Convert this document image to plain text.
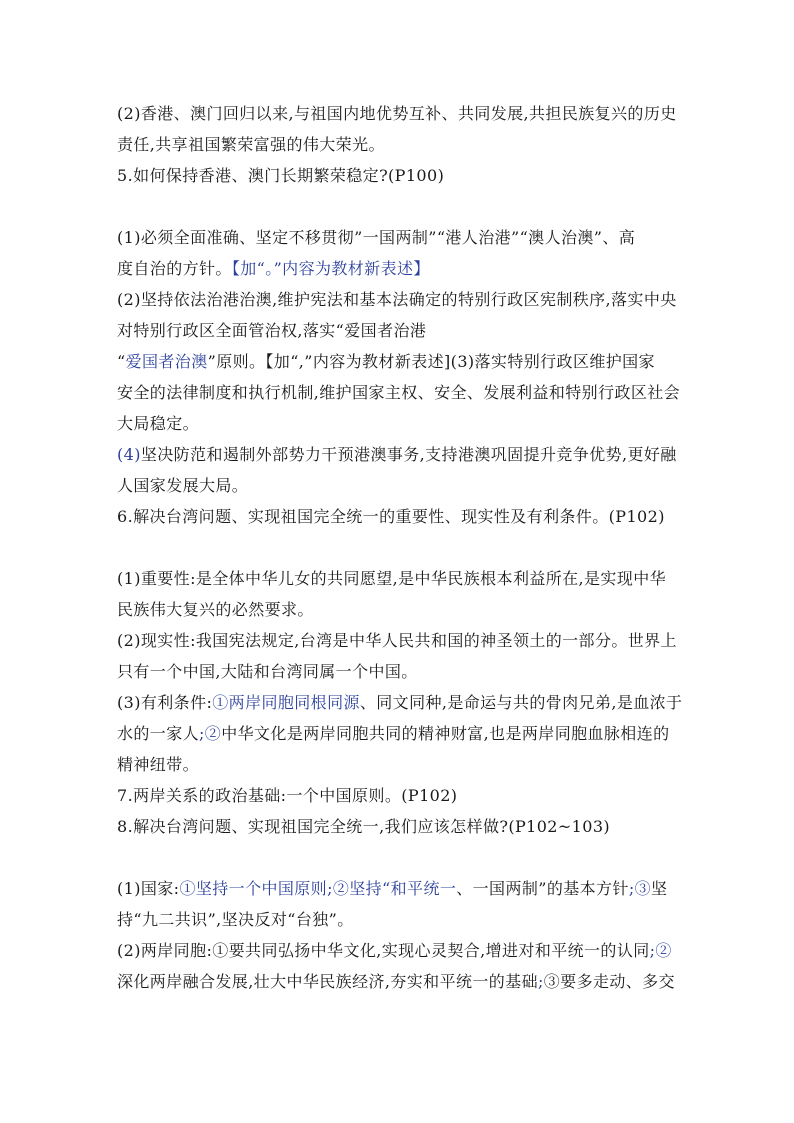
(2)香港、澳门回归以来,与祖国内地优势互补、共同发展,共担民族复兴的历史
责任,共享祖国繁荣富强的伟大荣光。
5.如何保持香港、澳门长期繁荣稳定?(P100)
(1)必须全面准确、坚定不移贯彻”一国两制”“港人治港”“澳人治澳”、高
度自治的方针。【加“。”内容为教材新表述】
(2)坚持依法治港治澳,维护宪法和基本法确定的特别行政区宪制秩序,落实中央
对特别行政区全面管治权,落实“爱国者治港
“爱国者治澳”原则。【加“,”内容为教材新表述](3)落实特别行政区维护国家
安全的法律制度和执行机制,维护国家主权、安全、发展利益和特别行政区社会
大局稳定。
(4)坚决防范和遏制外部势力干预港澳事务,支持港澳巩固提升竞争优势,更好融
人国家发展大局。
6.解决台湾问题、实现祖国完全统一的重要性、现实性及有利条件。(P102)
(1)重要性:是全体中华儿女的共同愿望,是中华民族根本利益所在,是实现中华
民族伟大复兴的必然要求。
(2)现实性:我国宪法规定,台湾是中华人民共和国的神圣领土的一部分。世界上
只有一个中国,大陆和台湾同属一个中国。
(3)有利条件:①两岸同胞同根同源、同文同种,是命运与共的骨肉兄弟,是血浓于
水的一家人;②中华文化是两岸同胞共同的精神财富,也是两岸同胞血脉相连的
精神纽带。
7.两岸关系的政治基础:一个中国原则。(P102)
8.解决台湾问题、实现祖国完全统一,我们应该怎样做?(P102~103)
(1)国家:①坚持一个中国原则;②坚持“和平统一、一国两制”的基本方针;③坚
持“九二共识”,坚决反对“台独”。
(2)两岸同胞:①要共同弘扬中华文化,实现心灵契合,增进对和平统一的认同;②
深化两岸融合发展,壮大中华民族经济,夯实和平统一的基础;③要多走动、多交
